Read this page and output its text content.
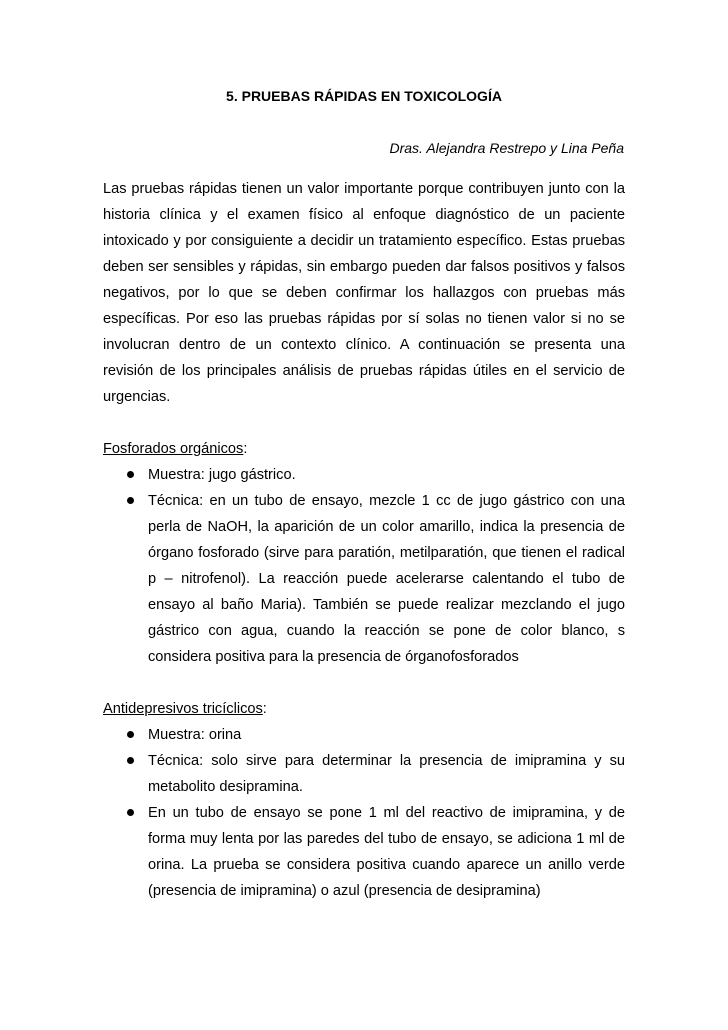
5. PRUEBAS RÁPIDAS EN TOXICOLOGÍA
Dras. Alejandra Restrepo y Lina Peña

Las pruebas rápidas tienen un valor importante porque contribuyen junto con la historia clínica y el examen físico al enfoque diagnóstico de un paciente intoxicado y por consiguiente a decidir un tratamiento específico. Estas pruebas deben ser sensibles y rápidas, sin embargo pueden dar falsos positivos y falsos negativos, por lo que se deben confirmar los hallazgos con pruebas más específicas. Por eso las pruebas rápidas por sí solas no tienen valor si no se involucran dentro de un contexto clínico. A continuación se presenta una revisión de los principales análisis de pruebas rápidas útiles en el servicio de urgencias.

Fosforados orgánicos:

Muestra: jugo gástrico.
Técnica: en un tubo de ensayo, mezcle 1 cc de jugo gástrico con una perla de NaOH, la aparición de un color amarillo, indica la presencia de órgano fosforado (sirve para paratión, metilparatión, que tienen el radical p – nitrofenol). La reacción puede acelerarse calentando el tubo de ensayo al baño Maria). También se puede realizar mezclando el jugo gástrico con agua, cuando la reacción se pone de color blanco, s considera positiva para la presencia de órganofosforados

Antidepresivos tricíclicos:

Muestra: orina
Técnica: solo sirve para determinar la presencia de imipramina y su metabolito desipramina.
En un tubo de ensayo se pone 1 ml del reactivo de imipramina, y de forma muy lenta por las paredes del tubo de ensayo, se adiciona 1 ml de orina. La prueba se considera positiva cuando aparece un anillo verde (presencia de imipramina) o azul (presencia de desipramina)
